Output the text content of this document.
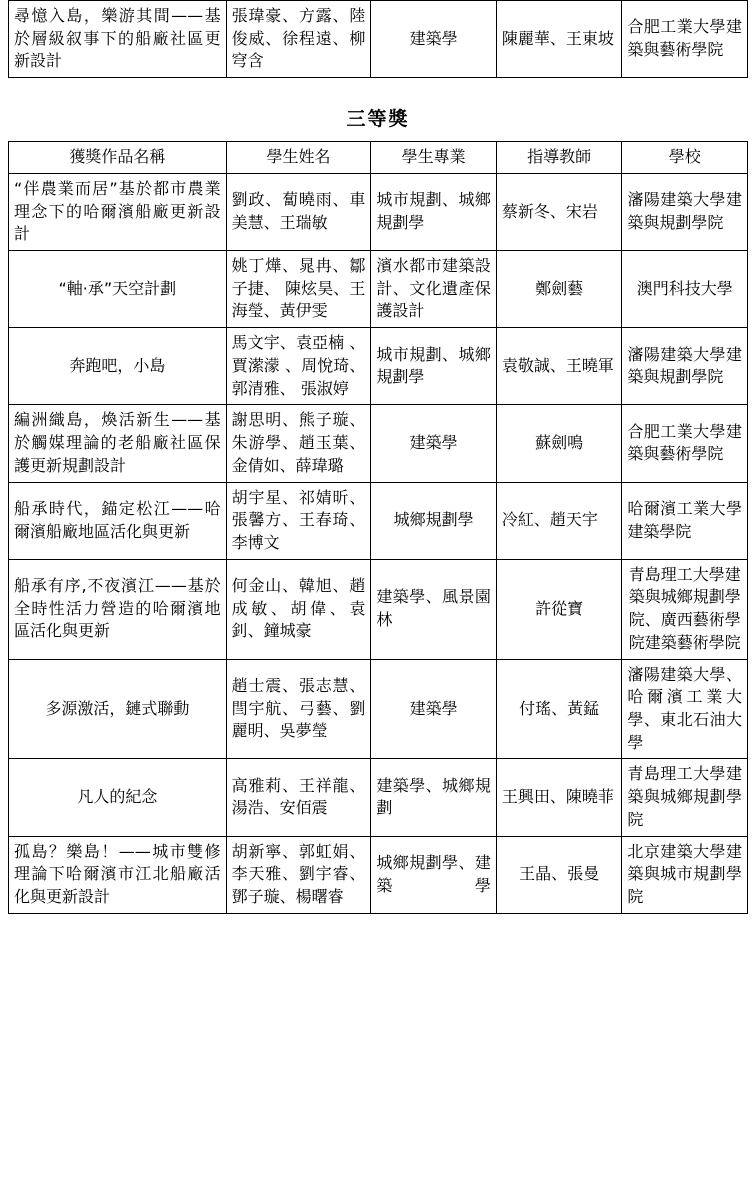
尋憶入島，樂游其間——基於層級叙事下的船廠社區更新設計	張瑋豪、方露、陸俊威、徐程遠、柳穹含	建築學	陳麗華、王東坡	合肥工業大學建築與藝術學院
三等獎
獲獎作品名稱	學生姓名	學生專業	指導教師	學校
“伴農業而居”基於都市農業理念下的哈爾濱船廠更新設計	劉政、蔔曉雨、車美慧、王瑞敏	城市規劃、城鄉規劃學	蔡新冬、宋岩	瀋陽建築大學建築與規劃學院
“軸·承”天空計劃	姚丁燁、晁冉、鄒子捷、 陳炫昊、王海瑩、黃伊雯	濱水都市建築設計、文化遺產保護設計	鄭劍藝	澳門科技大學
奔跑吧，小島	馬文宇、袁亞楠 、賈潆濛 、周悅琦、 郭清雅、 張淑婷	城市規劃、城鄉規劃學	袁敬誠、王曉軍	瀋陽建築大學建築與規劃學院
編洲織島，煥活新生——基於觸媒理論的老船廠社區保護更新規劃設計	謝思明、熊子璇、朱游學、趙玉葉、金倩如、薛瑋璐	建築學	蘇劍鳴	合肥工業大學建築與藝術學院
船承時代，錨定松江——哈爾濱船廠地區活化與更新	胡宇星、祁婧昕、張馨方、王春琦、李博文	城鄉規劃學	冷紅、趙天宇	哈爾濱工業大學建築學院
船承有序,不夜濱江——基於全時性活力營造的哈爾濱地區活化與更新	何金山、韓旭、趙成敏、胡偉、袁釗、鐘城豪	建築學、風景園林	許從寶	青島理工大學建築與城鄉規劃學院、廣西藝術學院建築藝術學院
多源激活，鏈式聯動	趙士震、張志慧、閆宇航、弓藝、劉麗明、吳夢瑩	建築學	付瑤、黃錳	瀋陽建築大學、哈爾濱工業大學、東北石油大學
凡人的紀念	高雅莉、王祥龍、湯浩、安佰震	建築學、城鄉規劃	王興田、陳曉菲	青島理工大學建築與城鄉規劃學院
孤島？樂島！——城市雙修理論下哈爾濱市江北船廠活化與更新設計	胡新寧、郭虹娟、李天雅、劉宇睿、鄧子璇、楊曙睿	城鄉規劃學、建築學	王晶、張曼	北京建築大學建築與城市規劃學院
